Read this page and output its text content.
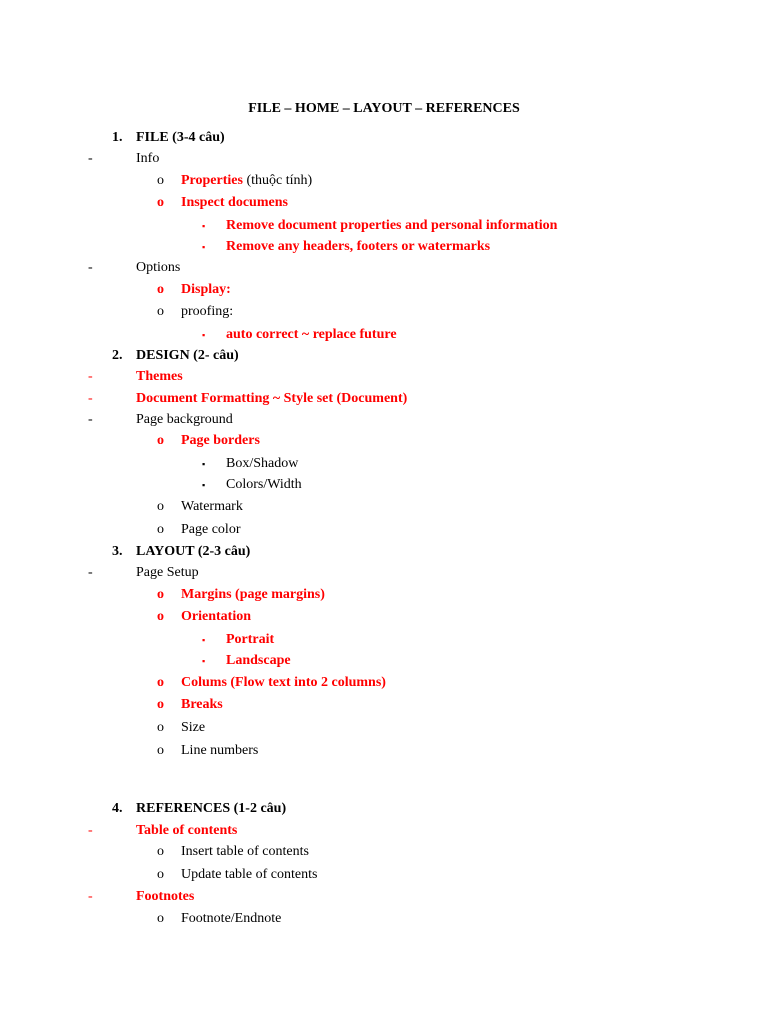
FILE – HOME – LAYOUT – REFERENCES
1. FILE (3-4 câu)
-	Info
o Properties (thuộc tính)
o Inspect documens
▪ Remove document properties and personal information
▪ Remove any headers, footers or watermarks
-	Options
o Display:
o proofing:
▪ auto correct ~ replace future
2. DESIGN (2- câu)
-	Themes
-	Document Formatting ~ Style set (Document)
-	Page background
o Page borders
▪ Box/Shadow
▪ Colors/Width
o Watermark
o Page color
3. LAYOUT (2-3 câu)
-	Page Setup
o Margins (page margins)
o Orientation
▪ Portrait
▪ Landscape
o Colums (Flow text into 2 columns)
o Breaks
o Size
o Line numbers
4. REFERENCES (1-2 câu)
-	Table of contents
o Insert table of contents
o Update table of contents
-	Footnotes
o Footnote/Endnote
